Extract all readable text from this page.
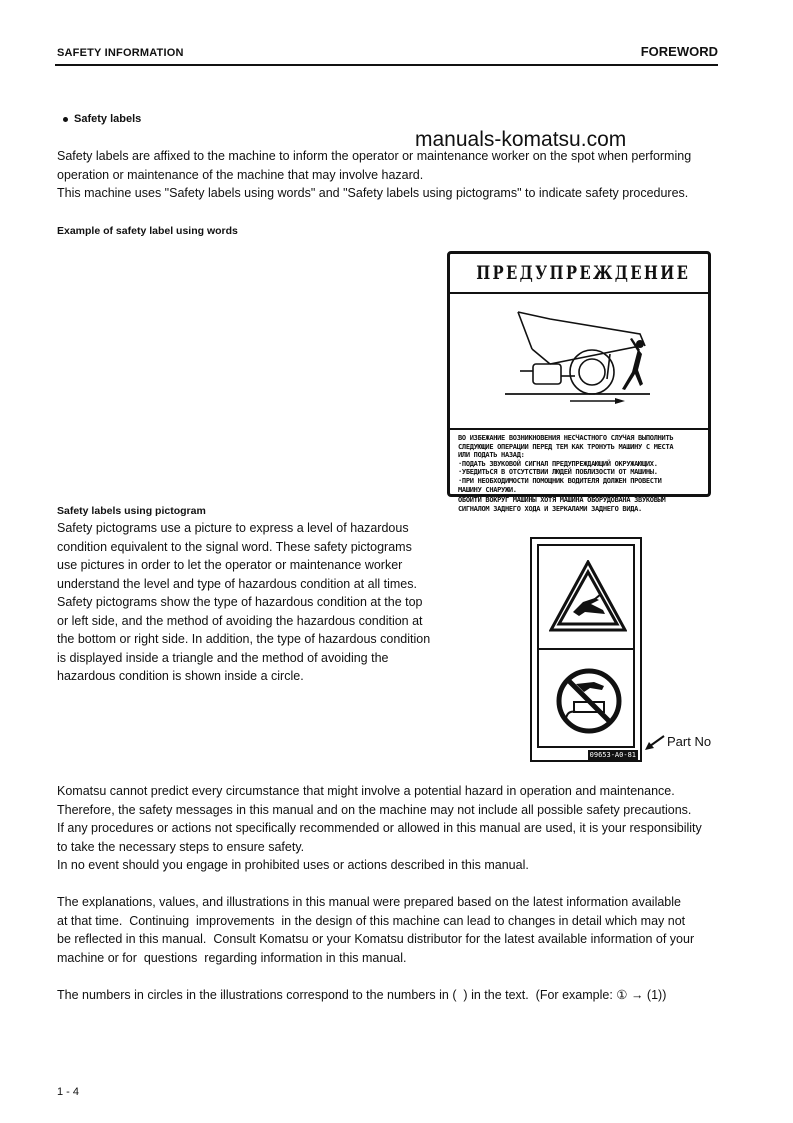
SAFETY INFORMATION	FOREWORD
Safety labels
manuals-komatsu.com
Safety labels are affixed to the machine to inform the operator or maintenance worker on the spot when performing
operation or maintenance of the machine that may involve hazard.
This machine uses "Safety labels using words" and "Safety labels using pictograms" to indicate safety procedures.
Example of safety label using words
ПРЕДУПРЕЖДЕНИЕ
ВО ИЗБЕЖАНИЕ ВОЗНИКНОВЕНИЯ НЕСЧАСТНОГО СЛУЧАЯ ВЫПОЛНИТЬ
СЛЕДУЮЩИЕ ОПЕРАЦИИ ПЕРЕД ТЕМ КАК ТРОНУТЬ МАШИНУ С МЕСТА
ИЛИ ПОДАТЬ НАЗАД:
·ПОДАТЬ ЗВУКОВОЙ СИГНАЛ ПРЕДУПРЕЖДАЮЩИЙ ОКРУЖАЮЩИХ.
·УБЕДИТЬСЯ В ОТСУТСТВИИ ЛЮДЕЙ ПОБЛИЗОСТИ ОТ МАШИНЫ.
·ПРИ НЕОБХОДИМОСТИ ПОМОЩНИК ВОДИТЕЛЯ ДОЛЖЕН ПРОВЕСТИ
МАШИНУ СНАРУЖИ.
ОБОЙТИ ВОКРУГ МАШИНЫ ХОТЯ МАШИНА ОБОРУДОВАНА ЗВУКОВЫМ
СИГНАЛОМ ЗАДНЕГО ХОДА И ЗЕРКАЛАМИ ЗАДНЕГО ВИДА.
Safety labels using pictogram
Safety pictograms use a picture to express a level of hazardous
condition equivalent to the signal word. These safety pictograms
use pictures in order to let the operator or maintenance worker
understand the level and type of hazardous condition at all times.
Safety pictograms show the type of hazardous condition at the top
or left side, and the method of avoiding the hazardous condition at
the bottom or right side. In addition, the type of hazardous condition
is displayed inside a triangle and the method of avoiding the
hazardous condition is shown inside a circle.
09653-A0-81
Part No
Komatsu cannot predict every circumstance that might involve a potential hazard in operation and maintenance.
Therefore, the safety messages in this manual and on the machine may not include all possible safety precautions.
If any procedures or actions not specifically recommended or allowed in this manual are used, it is your responsibility
to take the necessary steps to ensure safety.
In no event should you engage in prohibited uses or actions described in this manual.
The explanations, values, and illustrations in this manual were prepared based on the latest information available
at that time.  Continuing  improvements  in the design of this machine can lead to changes in detail which may not
be reflected in this manual.  Consult Komatsu or your Komatsu distributor for the latest available information of your
machine or for  questions  regarding information in this manual.
The numbers in circles in the illustrations correspond to the numbers in (  ) in the text.  (For example: ① → (1))
1 - 4
